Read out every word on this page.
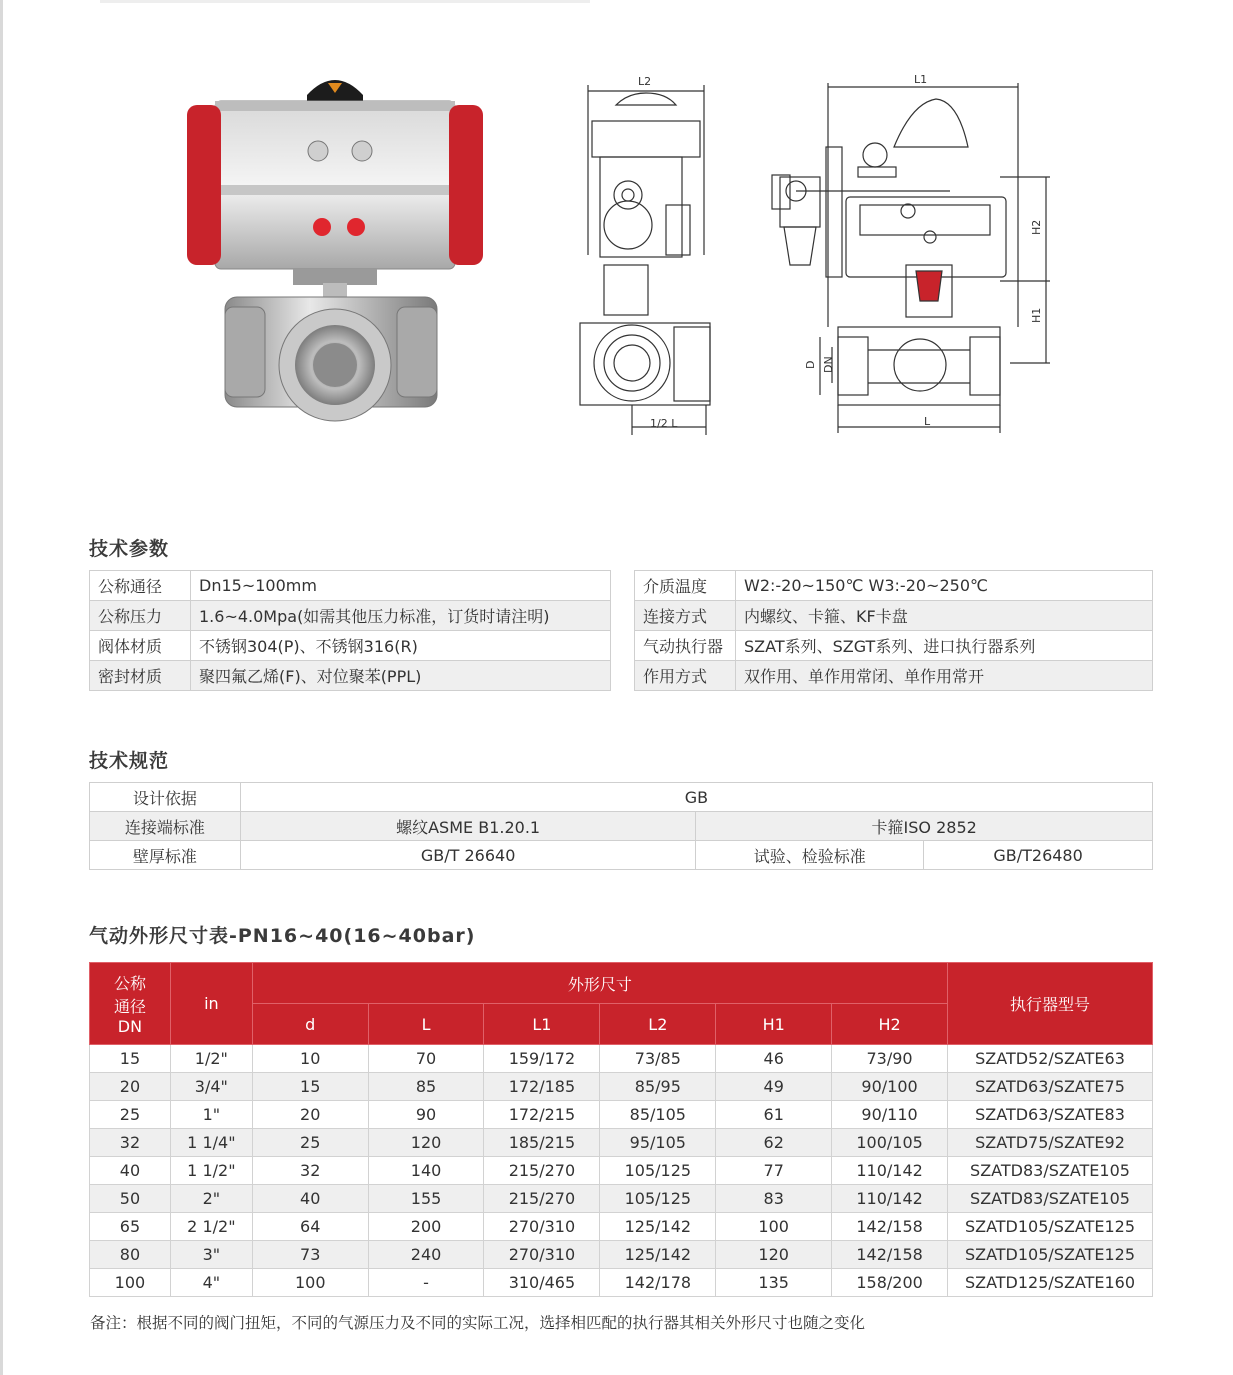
L2
1/2 L
L1
H2
H1
D DN
L
技术参数
公称通径	Dn15~100mm
公称压力	1.6~4.0Mpa(如需其他压力标准，订货时请注明)
阀体材质	不锈钢304(P)、不锈钢316(R)
密封材质	聚四氟乙烯(F)、对位聚苯(PPL)
介质温度	W2:-20~150℃ W3:-20~250℃
连接方式	内螺纹、卡箍、KF卡盘
气动执行器	SZAT系列、SZGT系列、进口执行器系列
作用方式	双作用、单作用常闭、单作用常开
技术规范
设计依据	GB		
连接端标准	螺纹ASME B1.20.1	卡箍ISO 2852	
壁厚标准	GB/T 26640	试验、检验标准	GB/T26480
气动外形尺寸表-PN16~40(16~40bar)
公称
通径
DN	in	外形尺寸						执行器型号
		d	L	L1	L2	H1	H2	
15	1/2"	10	70	159/172	73/85	46	73/90	SZATD52/SZATE63
20	3/4"	15	85	172/185	85/95	49	90/100	SZATD63/SZATE75
25	1"	20	90	172/215	85/105	61	90/110	SZATD63/SZATE83
32	1 1/4"	25	120	185/215	95/105	62	100/105	SZATD75/SZATE92
40	1 1/2"	32	140	215/270	105/125	77	110/142	SZATD83/SZATE105
50	2"	40	155	215/270	105/125	83	110/142	SZATD83/SZATE105
65	2 1/2"	64	200	270/310	125/142	100	142/158	SZATD105/SZATE125
80	3"	73	240	270/310	125/142	120	142/158	SZATD105/SZATE125
100	4"	100	-	310/465	142/178	135	158/200	SZATD125/SZATE160
备注：根据不同的阀门扭矩，不同的气源压力及不同的实际工况，选择相匹配的执行器其相关外形尺寸也随之变化
